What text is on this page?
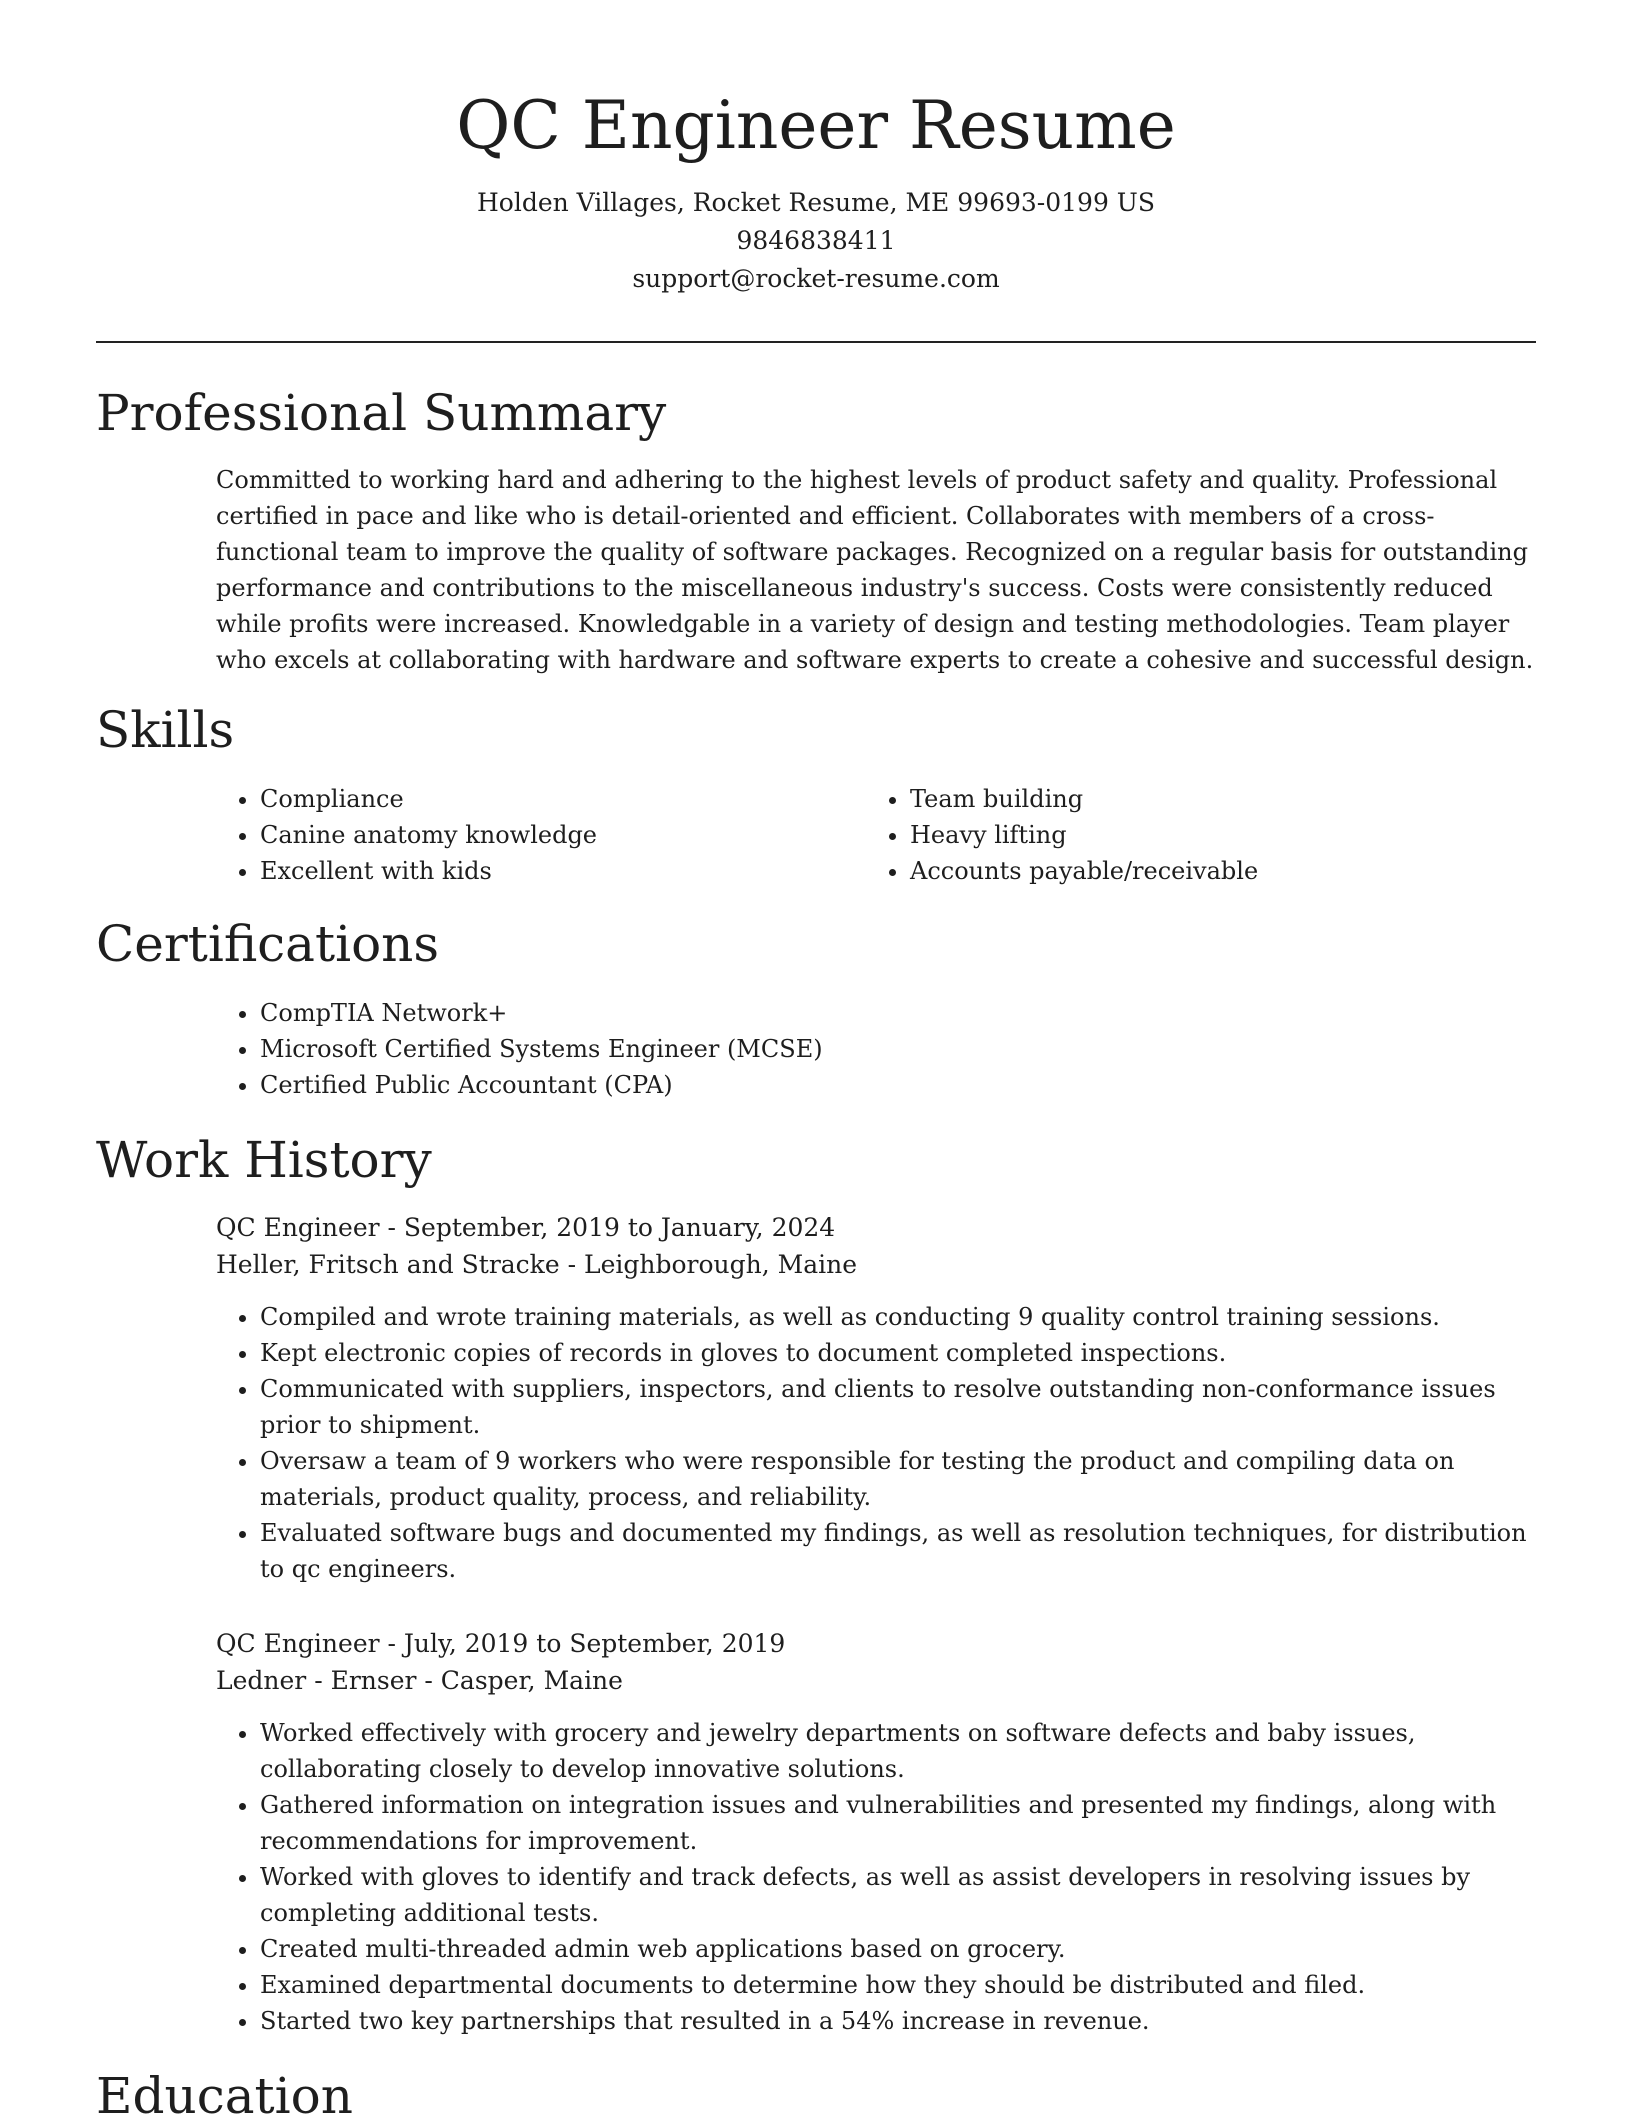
QC Engineer Resume
Holden Villages, Rocket Resume, ME 99693-0199 US
9846838411
support@rocket-resume.com
Professional Summary
Committed to working hard and adhering to the highest levels of product safety and quality. Professional certified in pace and like who is detail-oriented and efficient. Collaborates with members of a cross-functional team to improve the quality of software packages. Recognized on a regular basis for outstanding performance and contributions to the miscellaneous industry's success. Costs were consistently reduced while profits were increased. Knowledgable in a variety of design and testing methodologies. Team player who excels at collaborating with hardware and software experts to create a cohesive and successful design.
Skills
• Compliance
• Canine anatomy knowledge
• Excellent with kids
• Team building
• Heavy lifting
• Accounts payable/receivable
Certifications
• CompTIA Network+
• Microsoft Certified Systems Engineer (MCSE)
• Certified Public Accountant (CPA)
Work History
QC Engineer - September, 2019 to January, 2024
Heller, Fritsch and Stracke - Leighborough, Maine
• Compiled and wrote training materials, as well as conducting 9 quality control training sessions.
• Kept electronic copies of records in gloves to document completed inspections.
• Communicated with suppliers, inspectors, and clients to resolve outstanding non-conformance issues prior to shipment.
• Oversaw a team of 9 workers who were responsible for testing the product and compiling data on materials, product quality, process, and reliability.
• Evaluated software bugs and documented my findings, as well as resolution techniques, for distribution to qc engineers.
QC Engineer - July, 2019 to September, 2019
Ledner - Ernser - Casper, Maine
• Worked effectively with grocery and jewelry departments on software defects and baby issues, collaborating closely to develop innovative solutions.
• Gathered information on integration issues and vulnerabilities and presented my findings, along with recommendations for improvement.
• Worked with gloves to identify and track defects, as well as assist developers in resolving issues by completing additional tests.
• Created multi-threaded admin web applications based on grocery.
• Examined departmental documents to determine how they should be distributed and filed.
• Started two key partnerships that resulted in a 54% increase in revenue.
Education
